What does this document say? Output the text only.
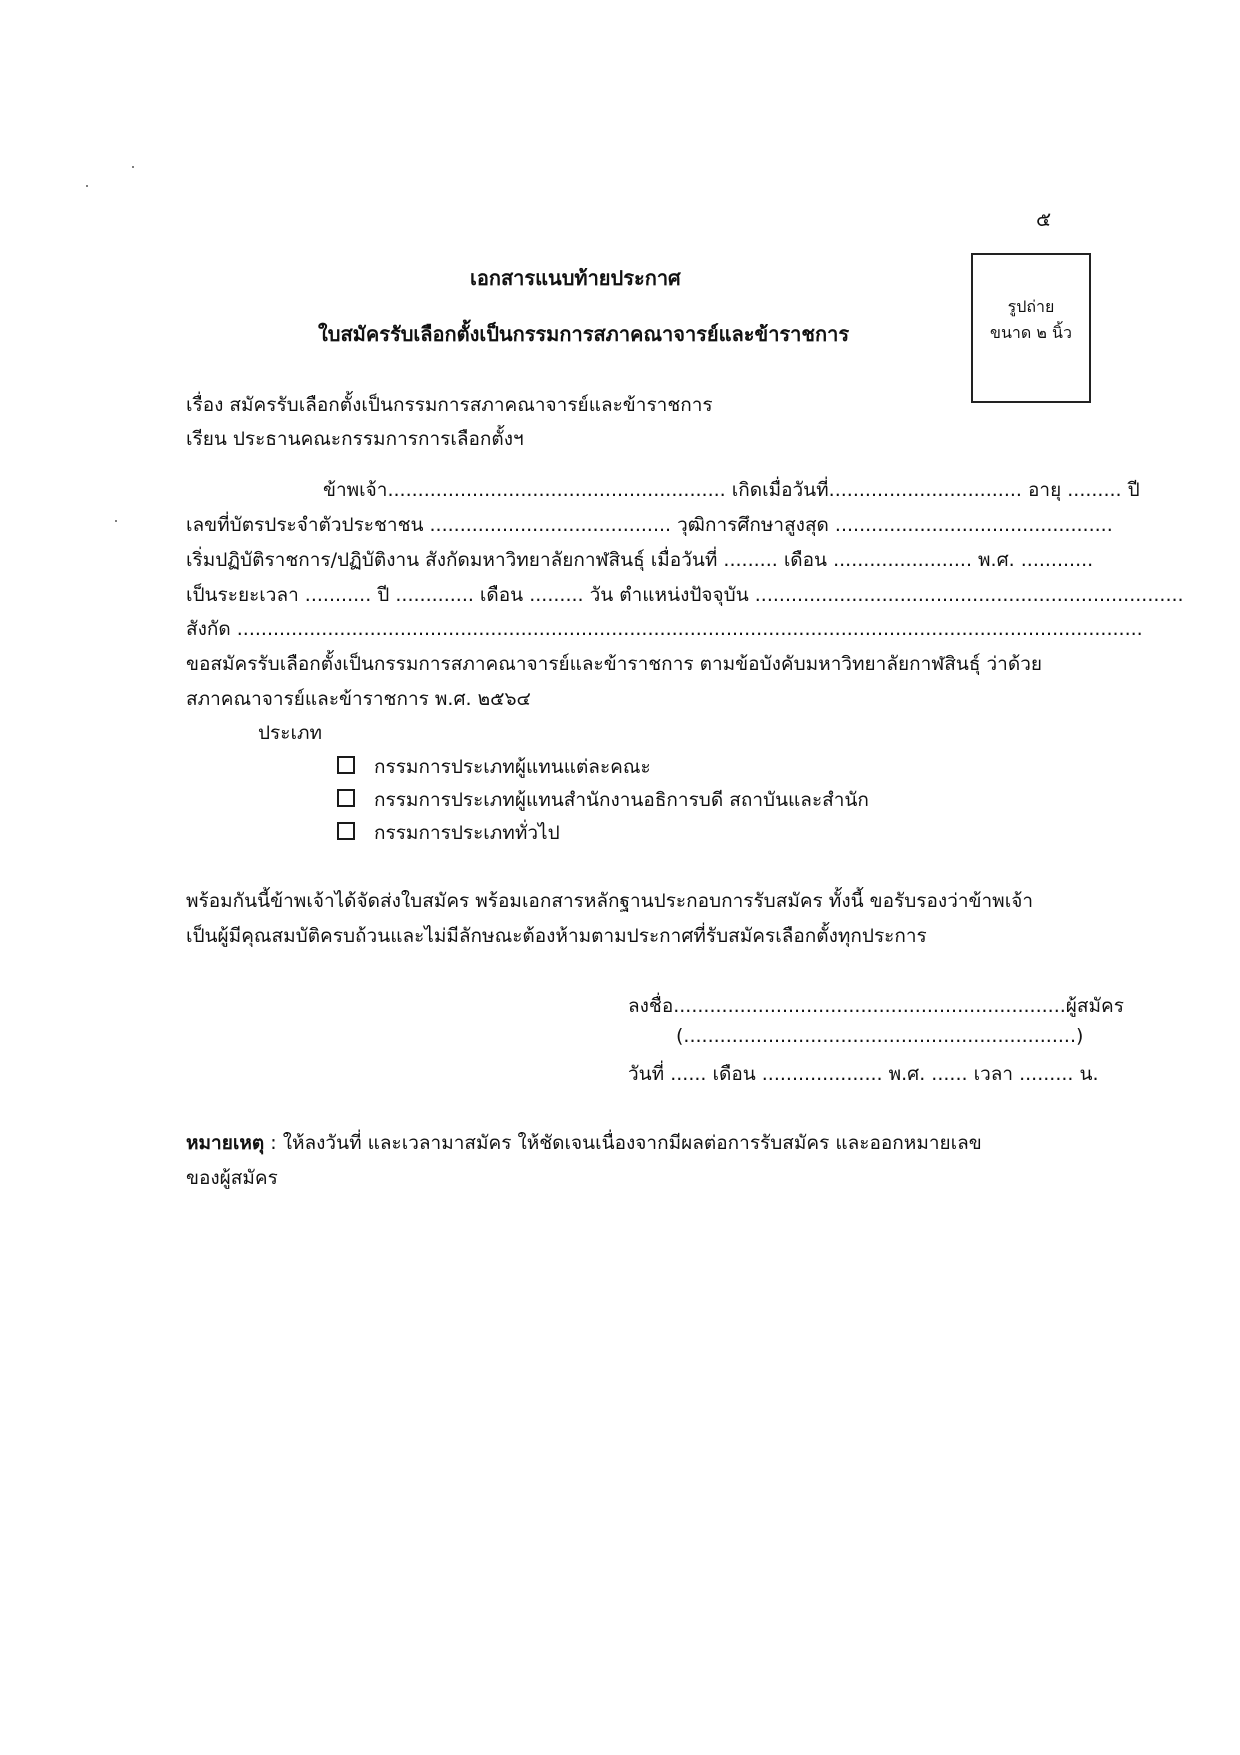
๕
เอกสารแนบท้ายประกาศ
ใบสมัครรับเลือกตั้งเป็นกรรมการสภาคณาจารย์และข้าราชการ
รูปถ่าย
ขนาด ๒ นิ้ว
เรื่อง สมัครรับเลือกตั้งเป็นกรรมการสภาคณาจารย์และข้าราชการ
เรียน ประธานคณะกรรมการการเลือกตั้งฯ
ข้าพเจ้า........................................................ เกิดเมื่อวันที่................................ อายุ ......... ปี
เลขที่บัตรประจำตัวประชาชน ........................................ วุฒิการศึกษาสูงสุด ..............................................
เริ่มปฏิบัติราชการ/ปฏิบัติงาน สังกัดมหาวิทยาลัยกาฬสินธุ์ เมื่อวันที่ ......... เดือน ....................... พ.ศ. ............
เป็นระยะเวลา ........... ปี ............. เดือน ......... วัน ตำแหน่งปัจจุบัน .......................................................................
สังกัด ......................................................................................................................................................
ขอสมัครรับเลือกตั้งเป็นกรรมการสภาคณาจารย์และข้าราชการ ตามข้อบังคับมหาวิทยาลัยกาฬสินธุ์ ว่าด้วย
สภาคณาจารย์และข้าราชการ พ.ศ. ๒๕๖๔
ประเภท
กรรมการประเภทผู้แทนแต่ละคณะ
กรรมการประเภทผู้แทนสำนักงานอธิการบดี สถาบันและสำนัก
กรรมการประเภททั่วไป
พร้อมกันนี้ข้าพเจ้าได้จัดส่งใบสมัคร พร้อมเอกสารหลักฐานประกอบการรับสมัคร ทั้งนี้ ขอรับรองว่าข้าพเจ้า
เป็นผู้มีคุณสมบัติครบถ้วนและไม่มีลักษณะต้องห้ามตามประกาศที่รับสมัครเลือกตั้งทุกประการ
ลงชื่อ.................................................................ผู้สมัคร
(.................................................................)
วันที่ ...... เดือน .................... พ.ศ. ...... เวลา ......... น.
หมายเหตุ : ให้ลงวันที่ และเวลามาสมัคร ให้ชัดเจนเนื่องจากมีผลต่อการรับสมัคร และออกหมายเลข
ของผู้สมัคร
